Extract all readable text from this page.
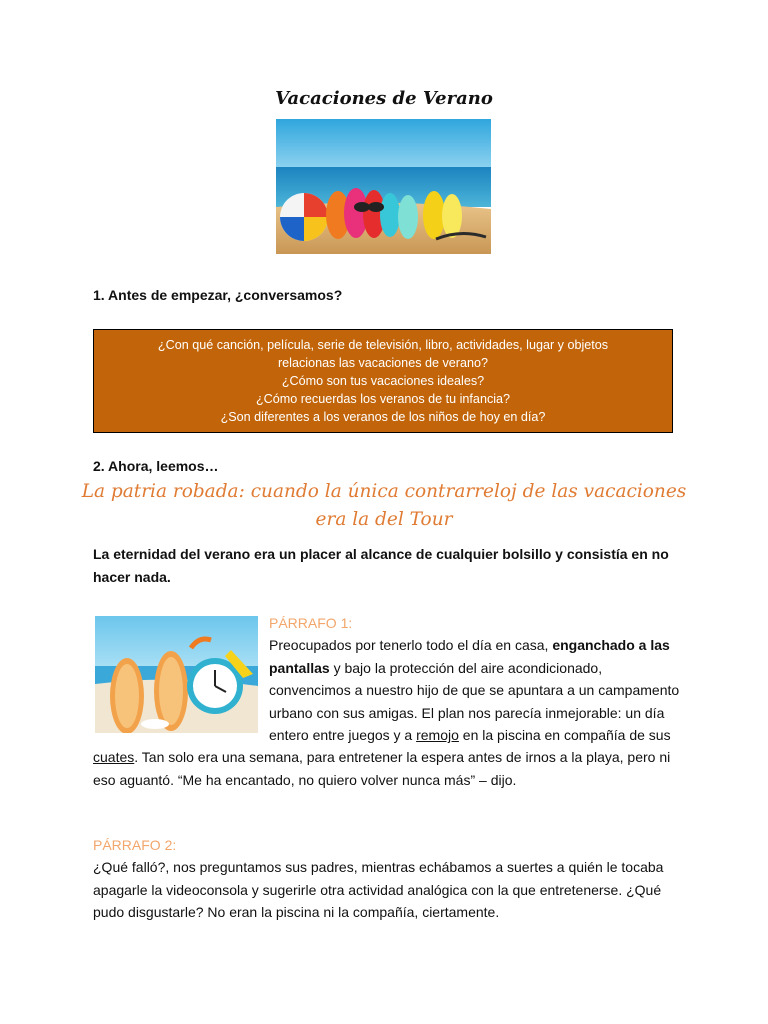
Vacaciones de Verano
1. Antes de empezar, ¿conversamos?
¿Con qué canción, película, serie de televisión, libro, actividades, lugar y objetos
relacionas las vacaciones de verano?
¿Cómo son tus vacaciones ideales?
¿Cómo recuerdas los veranos de tu infancia?
¿Son diferentes a los veranos de los niños de hoy en día?
2. Ahora, leemos…
La patria robada: cuando la única contrarreloj de las vacaciones era la del Tour
La eternidad del verano era un placer al alcance de cualquier bolsillo y consistía en no hacer nada.
PÁRRAFO 1:
Preocupados por tenerlo todo el día en casa, enganchado a las pantallas y bajo la protección del aire acondicionado, convencimos a nuestro hijo de que se apuntara a un campamento urbano con sus amigas. El plan nos parecía inmejorable: un día entero entre juegos y a remojo en la piscina en compañía de sus cuates. Tan solo era una semana, para entretener la espera antes de irnos a la playa, pero ni eso aguantó. “Me ha encantado, no quiero volver nunca más” – dijo.
PÁRRAFO 2:
¿Qué falló?, nos preguntamos sus padres, mientras echábamos a suertes a quién le tocaba apagarle la videoconsola y sugerirle otra actividad analógica con la que entretenerse. ¿Qué pudo disgustarle? No eran la piscina ni la compañía, ciertamente.
